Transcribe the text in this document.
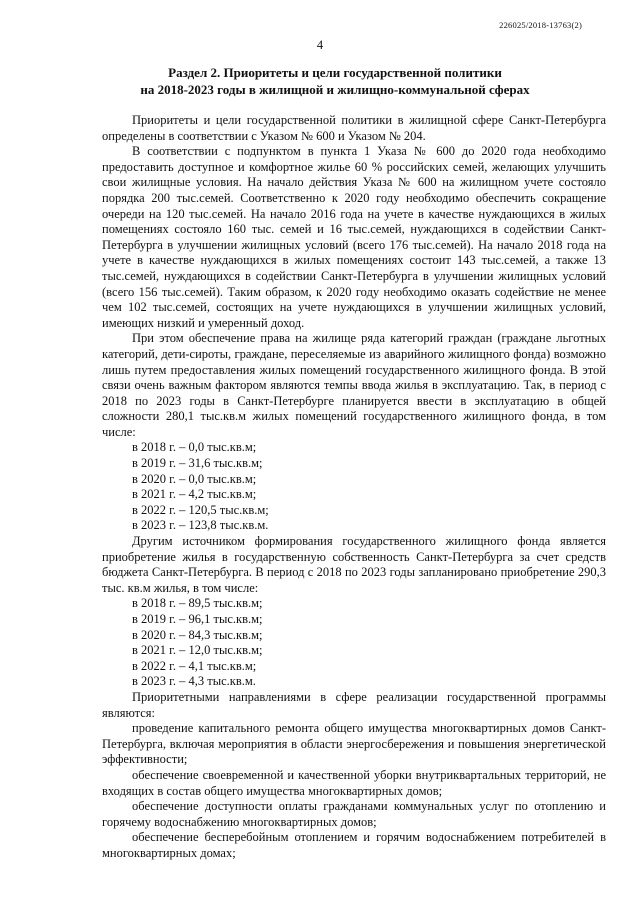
226025/2018-13763(2)
4
Раздел 2. Приоритеты и цели государственной политики
на 2018-2023 годы в жилищной и жилищно-коммунальной сферах

Приоритеты и цели государственной политики в жилищной сфере Санкт-Петербурга определены в соответствии с Указом № 600 и Указом № 204.

В соответствии с подпунктом в пункта 1 Указа № 600 до 2020 года необходимо предоставить доступное и комфортное жилье 60 % российских семей, желающих улучшить свои жилищные условия. На начало действия Указа № 600 на жилищном учете состояло порядка 200 тыс.семей. Соответственно к 2020 году необходимо обеспечить сокращение очереди на 120 тыс.семей. На начало 2016 года на учете в качестве нуждающихся в жилых помещениях состояло 160 тыс. семей и 16 тыс.семей, нуждающихся в содействии Санкт-Петербурга в улучшении жилищных условий (всего 176 тыс.семей). На начало 2018 года на учете в качестве нуждающихся в жилых помещениях состоит 143 тыс.семей, а также 13 тыс.семей, нуждающихся в содействии Санкт-Петербурга в улучшении жилищных условий (всего 156 тыс.семей). Таким образом, к 2020 году необходимо оказать содействие не менее чем 102 тыс.семей, состоящих на учете нуждающихся в улучшении жилищных условий, имеющих низкий и умеренный доход.

При этом обеспечение права на жилище ряда категорий граждан (граждане льготных категорий, дети-сироты, граждане, переселяемые из аварийного жилищного фонда) возможно лишь путем предоставления жилых помещений государственного жилищного фонда. В этой связи очень важным фактором являются темпы ввода жилья в эксплуатацию. Так, в период с 2018 по 2023 годы в Санкт-Петербурге планируется ввести в эксплуатацию в общей сложности 280,1 тыс.кв.м жилых помещений государственного жилищного фонда, в том числе:

в 2018 г. – 0,0 тыс.кв.м;

в 2019 г. – 31,6 тыс.кв.м;

в 2020 г. – 0,0 тыс.кв.м;

в 2021 г. – 4,2 тыс.кв.м;

в 2022 г. – 120,5 тыс.кв.м;

в 2023 г. – 123,8 тыс.кв.м.

Другим источником формирования государственного жилищного фонда является приобретение жилья в государственную собственность Санкт-Петербурга за счет средств бюджета Санкт-Петербурга. В период с 2018 по 2023 годы запланировано приобретение 290,3 тыс. кв.м жилья, в том числе:

в 2018 г. – 89,5 тыс.кв.м;

в 2019 г. – 96,1 тыс.кв.м;

в 2020 г. – 84,3 тыс.кв.м;

в 2021 г. – 12,0 тыс.кв.м;

в 2022 г. – 4,1 тыс.кв.м;

в 2023 г. – 4,3 тыс.кв.м.

Приоритетными направлениями в сфере реализации государственной программы являются:

проведение капитального ремонта общего имущества многоквартирных домов Санкт-Петербурга, включая мероприятия в области энергосбережения и повышения энергетической эффективности;

обеспечение своевременной и качественной уборки внутриквартальных территорий, не входящих в состав общего имущества многоквартирных домов;

обеспечение доступности оплаты гражданами коммунальных услуг по отоплению и горячему водоснабжению многоквартирных домов;

обеспечение бесперебойным отоплением и горячим водоснабжением потребителей в многоквартирных домах;
